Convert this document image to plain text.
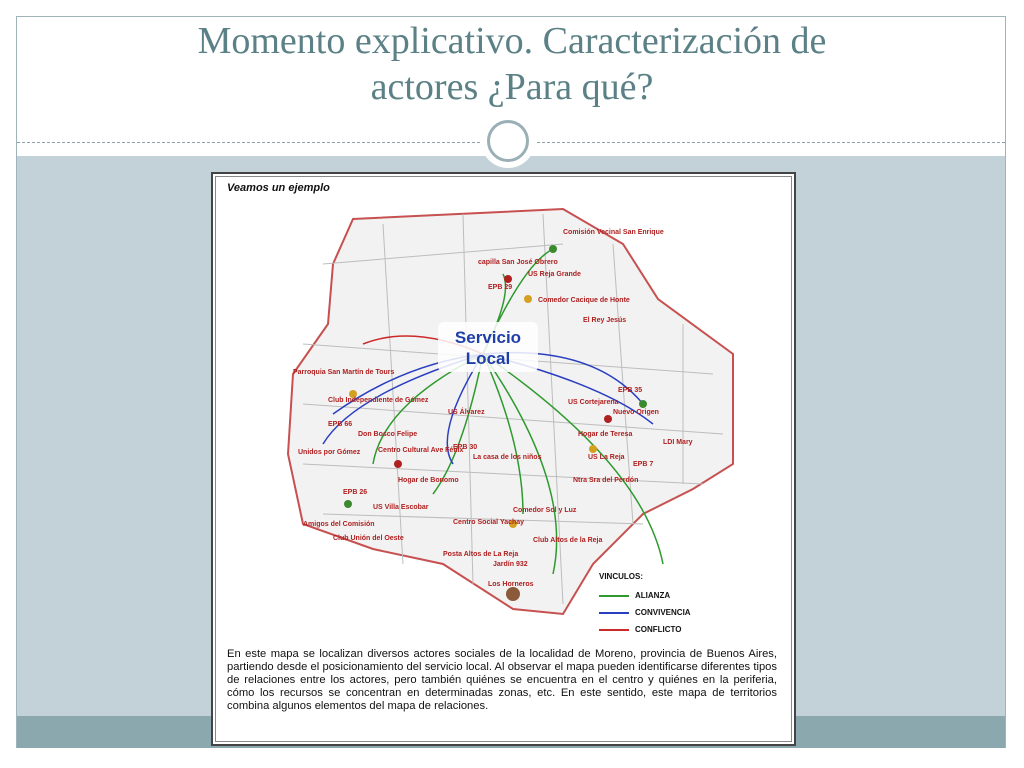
Momento explicativo. Caracterización de
actores ¿Para qué?
Veamos un ejemplo
Comisión Vecinal San Enrique
capilla San José Obrero
US Reja Grande
EPB 29
Comedor Cacique de Honte
El Rey Jesús
Parroquia San Martín de Tours
Club Independiente de Gómez
EPB 66
Unidos por Gómez	Centro Cultural Ave Fénix
Don Bosco Felipe
EPB 30
La casa de los niños
US Álvarez
US Cortejarena
EPB 35
Nuevo Origen
Hogar de Teresa
US La Reja
EPB 7
Ntra Sra del Perdón
Hogar de Bonomo
EPB 26
US Villa Escobar
Amigos del Comisión
Club Unión del Oeste
Centro Social Yachay
Comedor Sol y Luz
Club Altos de la Reja
Posta Altos de La Reja
Jardín 932
Los Horneros
LDI Mary
Servicio
Local
VINCULOS:
ALIANZA
CONVIVENCIA
CONFLICTO
En este mapa se localizan diversos actores sociales de la localidad de Moreno, provincia de Buenos Aires, partiendo desde el posicionamiento del servicio local. Al observar el mapa pueden identificarse diferentes tipos de relaciones entre los actores, pero también quiénes se encuentra en el centro y quiénes en la periferia, cómo los recursos se concentran en determinadas zonas, etc. En este sentido, este mapa de territorios combina algunos elementos del mapa de relaciones.
